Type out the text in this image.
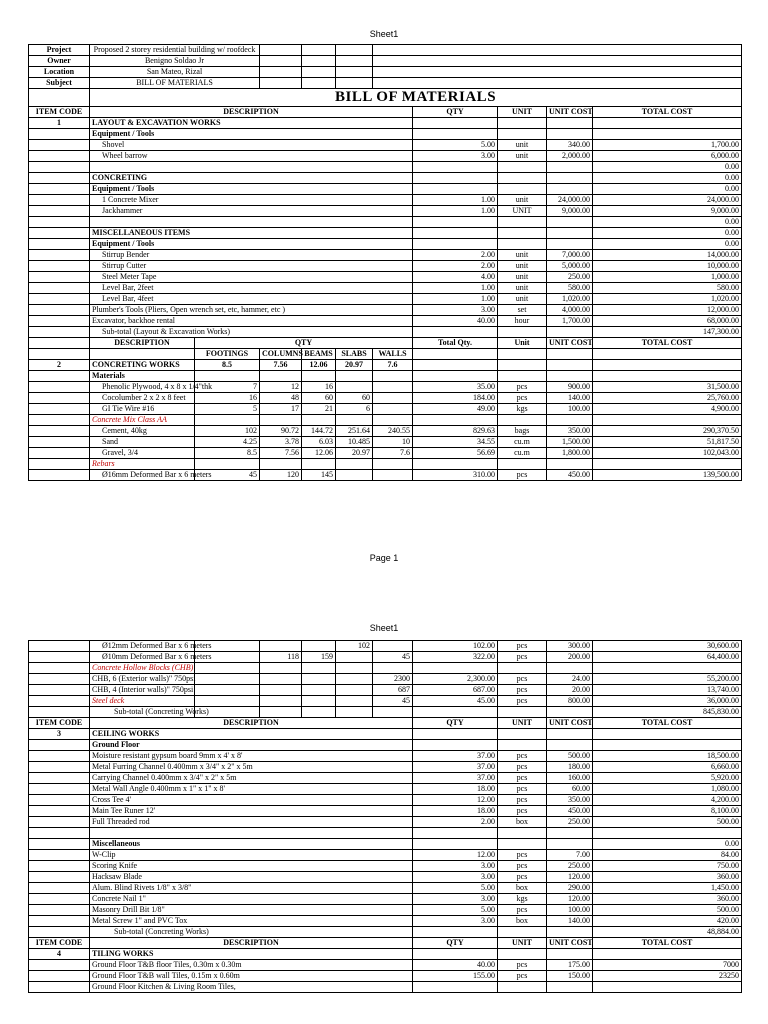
Sheet1
Project	Proposed 2 storey residential building w/ roofdeck									
Owner	Benigno Soldao Jr									
Location	San Mateo, Rizal									
Subject	BILL OF MATERIALS									
	BILL OF MATERIALS									
ITEM CODE	DESCRIPTION						QTY	UNIT	UNIT COST	TOTAL COST
1	LAYOUT & EXCAVATION WORKS									
	Equipment / Tools									
	Shovel						5.00	unit	340.00	1,700.00
	Wheel barrow						3.00	unit	2,000.00	6,000.00
										0.00
	CONCRETING									0.00
	Equipment / Tools									0.00
	1 Concrete Mixer						1.00	unit	24,000.00	24,000.00
	Jackhammer						1.00	UNIT	9,000.00	9,000.00
										0.00
	MISCELLANEOUS ITEMS									0.00
	Equipment / Tools									0.00
	Stirrup Bender						2.00	unit	7,000.00	14,000.00
	Stirrup Cutter						2.00	unit	5,000.00	10,000.00
	Steel Meter Tape						4.00	unit	250.00	1,000.00
	Level Bar, 2feet						1.00	unit	580.00	580.00
	Level Bar, 4feet						1.00	unit	1,020.00	1,020.00
	Plumber's Tools (Pliers, Open wrench set, etc, hammer, etc )						3.00	set	4,000.00	12,000.00
	Excavator, backhoe rental						40.00	hour	1,700.00	68,000.00
	Sub-total (Layout & Excavation Works)									147,300.00
	DESCRIPTION	QTY					Total Qty.	Unit	UNIT COST	TOTAL COST
		FOOTINGS	COLUMNS	BEAMS	SLABS	WALLS				
2	CONCRETING WORKS	8.5	7.56	12.06	20.97	7.6				
	Materials									
	Phenolic Plywood, 4 x 8 x 1/4"thk	7	12	16			35.00	pcs	900.00	31,500.00
	Cocolumber 2 x 2 x 8 feet	16	48	60	60		184.00	pcs	140.00	25,760.00
	GI Tie Wire #16	5	17	21	6		49.00	kgs	100.00	4,900.00
	Concrete Mix Class AA									
	Cement, 40kg	102	90.72	144.72	251.64	240.55	829.63	bags	350.00	290,370.50
	Sand	4.25	3.78	6.03	10.485	10	34.55	cu.m	1,500.00	51,817.50
	Gravel, 3/4	8.5	7.56	12.06	20.97	7.6	56.69	cu.m	1,800.00	102,043.00
	Rebars									
	Ø16mm Deformed Bar x 6 meters	45	120	145			310.00	pcs	450.00	139,500.00
Page 1
Sheet1
	Ø12mm Deformed Bar x 6 meters				102		102.00	pcs	300.00	30,600.00
	Ø10mm Deformed Bar x 6 meters		118	159		45	322.00	pcs	200.00	64,400.00
	Concrete Hollow Blocks (CHB)									
	CHB, 6 (Exterior walls)" 750psi					2300	2,300.00	pcs	24.00	55,200.00
	CHB, 4 (Interior walls)" 750psi					687	687.00	pcs	20.00	13,740.00
	Steel deck					45	45.00	pcs	800.00	36,000.00
	Sub-total (Concreting Works)									845,830.00
ITEM CODE	DESCRIPTION						QTY	UNIT	UNIT COST	TOTAL COST
3	CEILING WORKS									
	Ground Floor									
	Moisture resistant gypsum board 9mm x 4' x 8'						37.00	pcs	500.00	18,500.00
	Metal Furring Channel 0.400mm x 3/4" x 2" x 5m						37.00	pcs	180.00	6,660.00
	Carrying Channel 0.400mm x 3/4" x 2" x 5m						37.00	pcs	160.00	5,920.00
	Metal Wall Angle 0.400mm x 1" x 1" x 8'						18.00	pcs	60.00	1,080.00
	Cross Tee 4'						12.00	pcs	350.00	4,200.00
	Main Tee Runer 12'						18.00	pcs	450.00	8,100.00
	Full Threaded rod						2.00	box	250.00	500.00

	Miscellaneous									0.00
	W-Clip						12.00	pcs	7.00	84.00
	Scoring Knife						3.00	pcs	250.00	750.00
	Hacksaw Blade						3.00	pcs	120.00	360.00
	Alum. Blind Rivets 1/8" x 3/8"						5.00	box	290.00	1,450.00
	Concrete Nail 1"						3.00	kgs	120.00	360.00
	Masonry Drill Bit 1/8"						5.00	pcs	100.00	500.00
	Metal Screw 1" and PVC Tox						3.00	box	140.00	420.00
	Sub-total (Concreting Works)									48,884.00
ITEM CODE	DESCRIPTION						QTY	UNIT	UNIT COST	TOTAL COST
4	TILING WORKS									
	Ground Floor T&B floor Tiles, 0.30m x 0.30m						40.00	pcs	175.00	7000
	Ground Floor T&B wall Tiles, 0.15m x 0.60m						155.00	pcs	150.00	23250
	Ground Floor Kitchen & Living Room Tiles,									
